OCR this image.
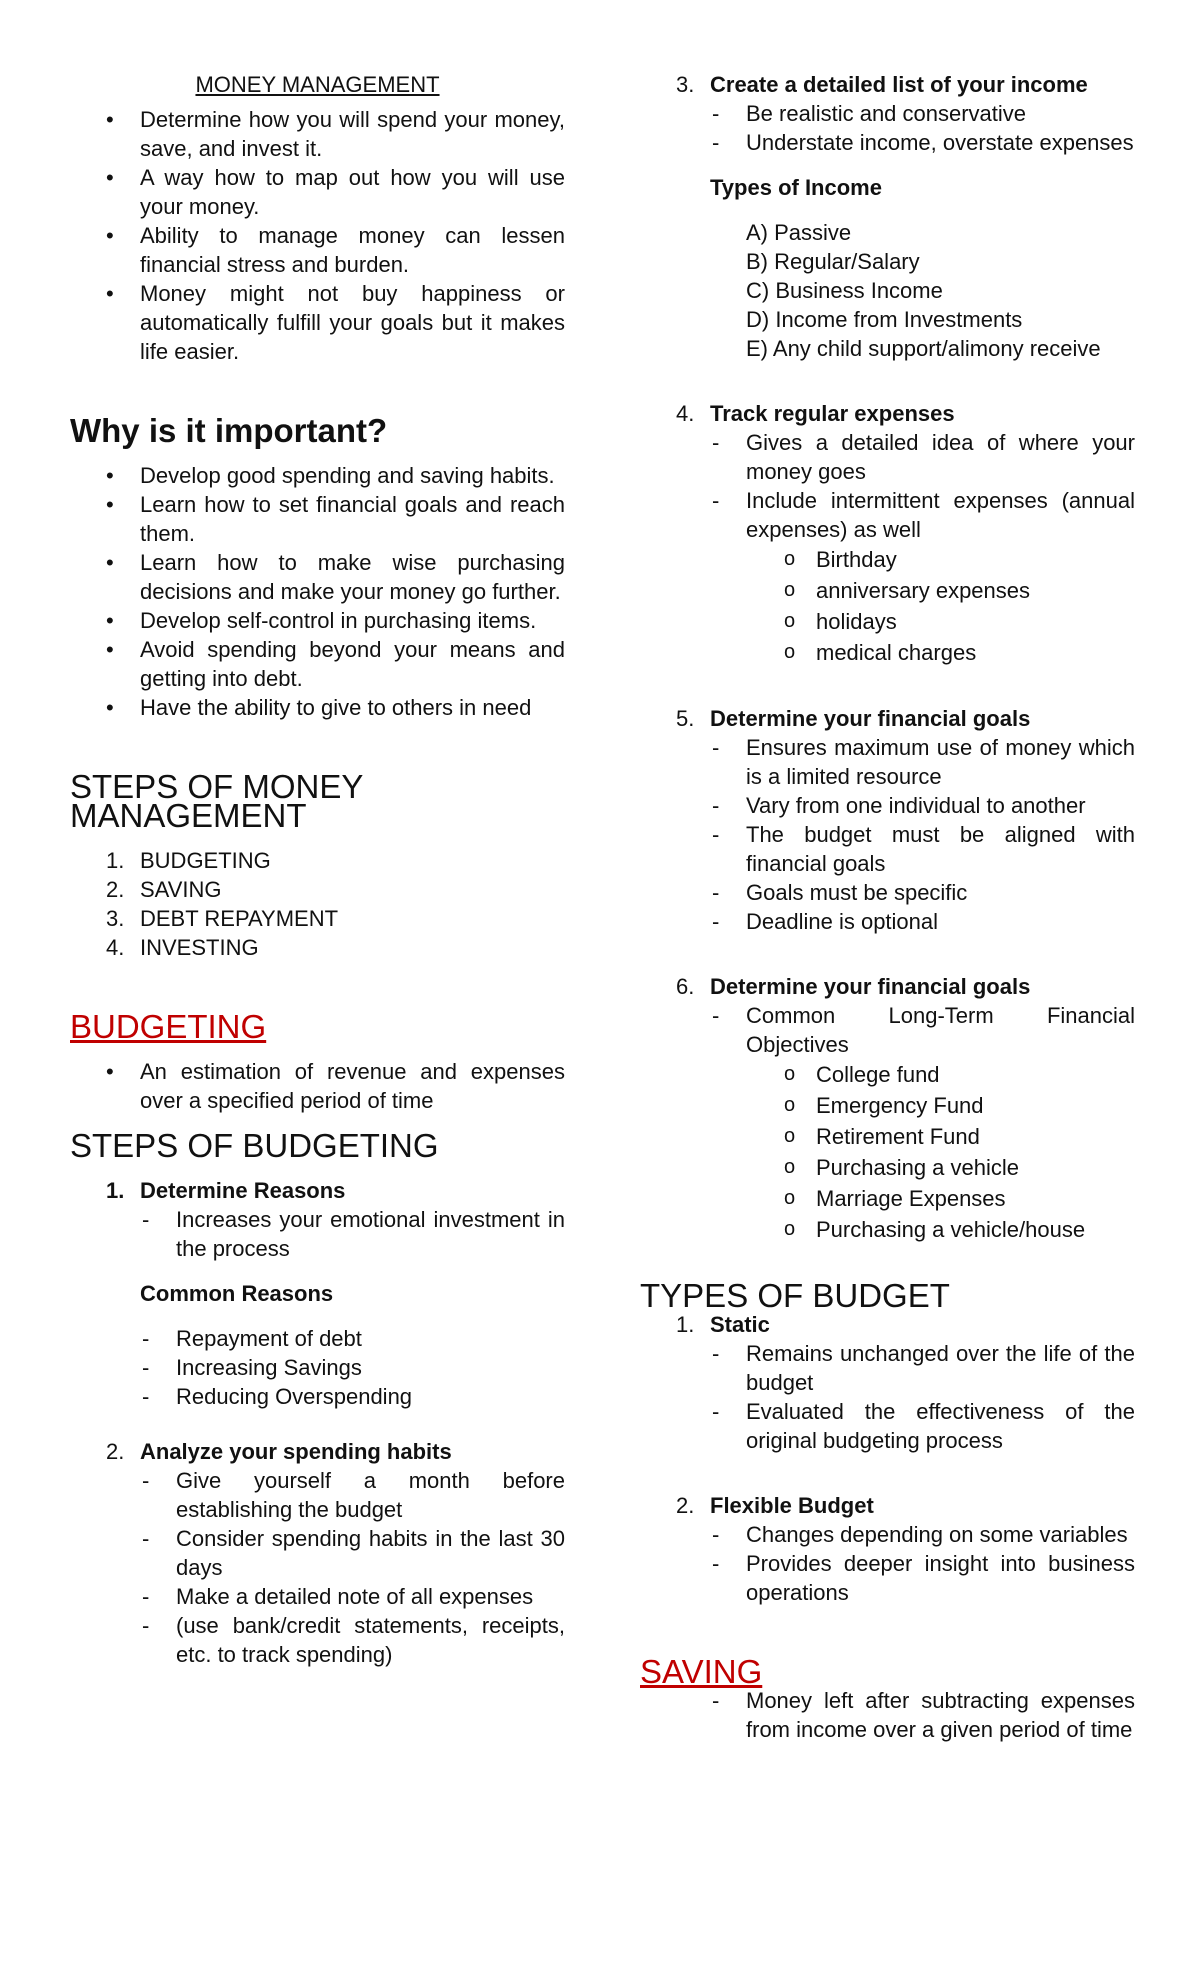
MONEY MANAGEMENT
• Determine how you will spend your money, save, and invest it.
• A way how to map out how you will use your money.
• Ability to manage money can lessen financial stress and burden.
• Money might not buy happiness or automatically fulfill your goals but it makes life easier.
Why is it important?
• Develop good spending and saving habits.
• Learn how to set financial goals and reach them.
• Learn how to make wise purchasing decisions and make your money go further.
• Develop self-control in purchasing items.
• Avoid spending beyond your means and getting into debt.
• Have the ability to give to others in need
STEPS OF MONEY MANAGEMENT
1. BUDGETING
2. SAVING
3. DEBT REPAYMENT
4. INVESTING
BUDGETING
• An estimation of revenue and expenses over a specified period of time
STEPS OF BUDGETING
1. Determine Reasons
- Increases your emotional investment in the process

Common Reasons

- Repayment of debt
- Increasing Savings
- Reducing Overspending
2. Analyze your spending habits
- Give yourself a month before establishing the budget
- Consider spending habits in the last 30 days
- Make a detailed note of all expenses
- (use bank/credit statements, receipts, etc. to track spending)
3. Create a detailed list of your income
- Be realistic and conservative
- Understate income, overstate expenses

Types of Income

A) Passive
B) Regular/Salary
C) Business Income
D) Income from Investments
E) Any child support/alimony receive
4. Track regular expenses
- Gives a detailed idea of where your money goes
- Include intermittent expenses (annual expenses) as well
o Birthday
o anniversary expenses
o holidays
o medical charges
5. Determine your financial goals
- Ensures maximum use of money which is a limited resource
- Vary from one individual to another
- The budget must be aligned with financial goals
- Goals must be specific
- Deadline is optional
6. Determine your financial goals
- Common Long-Term Financial Objectives
o College fund
o Emergency Fund
o Retirement Fund
o Purchasing a vehicle
o Marriage Expenses
o Purchasing a vehicle/house
TYPES OF BUDGET
1. Static
- Remains unchanged over the life of the budget
- Evaluated the effectiveness of the original budgeting process
2. Flexible Budget
- Changes depending on some variables
- Provides deeper insight into business operations
SAVING
- Money left after subtracting expenses from income over a given period of time
